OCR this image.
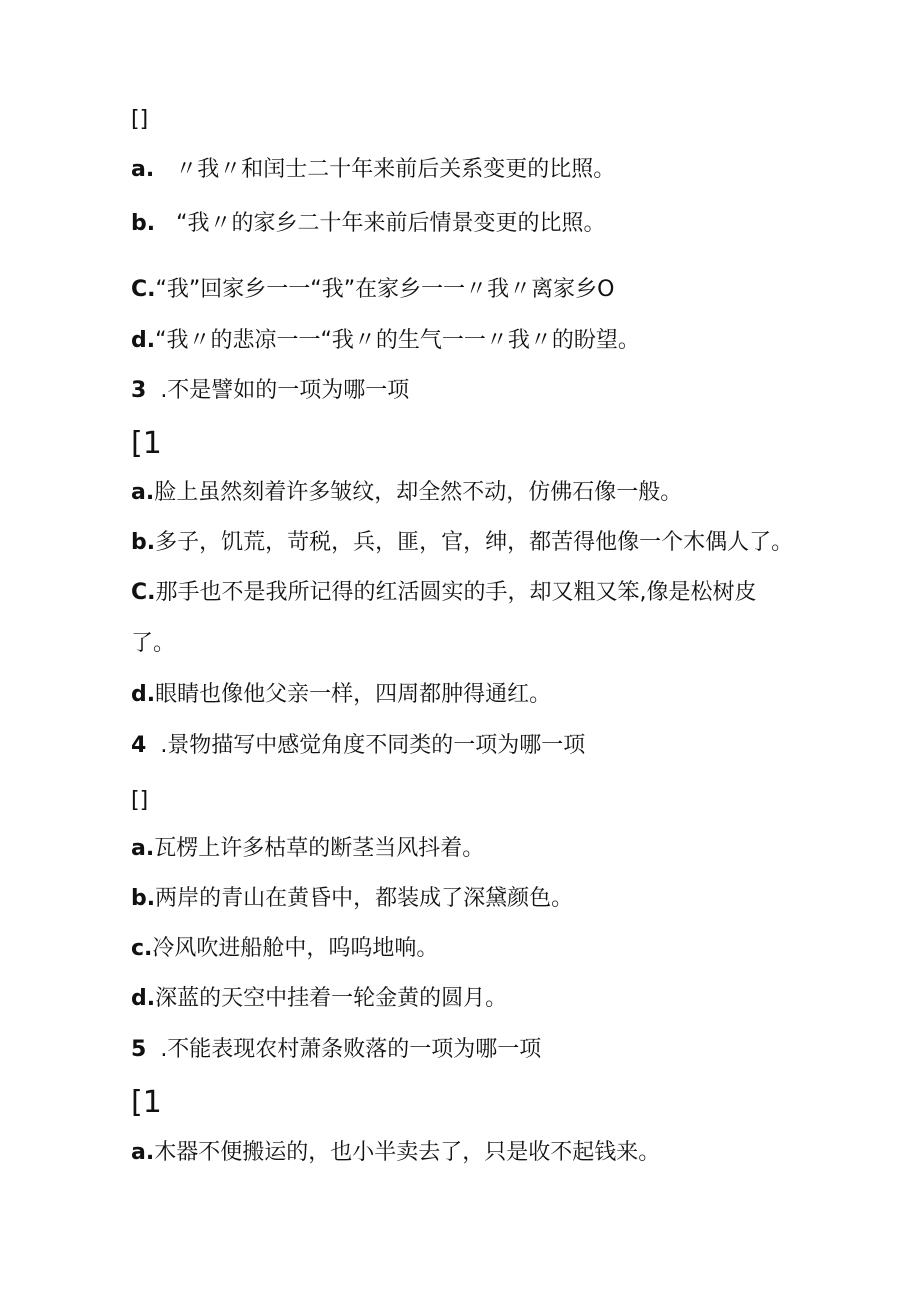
[]
a. 〃我〃和闰士二十年来前后关系变更的比照。
b. “我〃的家乡二十年来前后情景变更的比照。
C.“我”回家乡一一“我”在家乡一一〃我〃离家乡O
d.“我〃的悲凉一一“我〃的生气一一〃我〃的盼望。
3 .不是譬如的一项为哪一项
[1
a.脸上虽然刻着许多皱纹，却全然不动，仿佛石像一般。
b.多子，饥荒，苛税，兵，匪，官，绅，都苦得他像一个木偶人了。
C.那手也不是我所记得的红活圆实的手，却又粗又笨,像是松树皮
了。
d.眼睛也像他父亲一样，四周都肿得通红。
4 .景物描写中感觉角度不同类的一项为哪一项
[]
a.瓦楞上许多枯草的断茎当风抖着。
b.两岸的青山在黄昏中，都装成了深黛颜色。
c.冷风吹进船舱中，呜呜地响。
d.深蓝的天空中挂着一轮金黄的圆月。
5 .不能表现农村萧条败落的一项为哪一项
[1
a.木器不便搬运的，也小半卖去了，只是收不起钱来。
